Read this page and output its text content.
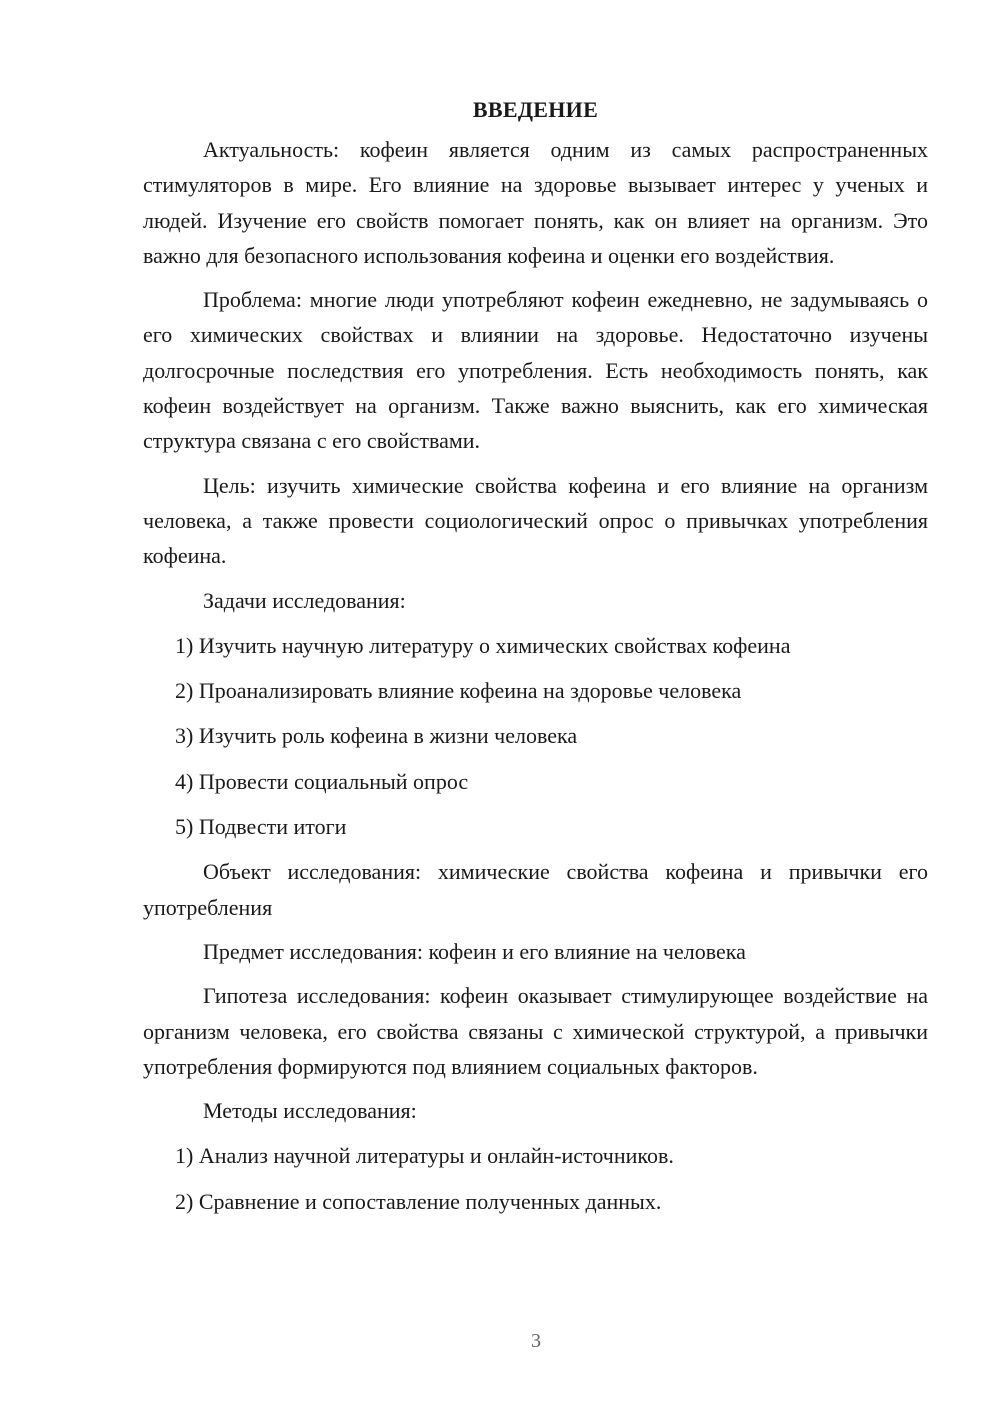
ВВЕДЕНИЕ

Актуальность: кофеин является одним из самых распространенных стимуляторов в мире. Его влияние на здоровье вызывает интерес у ученых и людей. Изучение его свойств помогает понять, как он влияет на организм. Это важно для безопасного использования кофеина и оценки его воздействия.

Проблема: многие люди употребляют кофеин ежедневно, не задумываясь о его химических свойствах и влиянии на здоровье. Недостаточно изучены долгосрочные последствия его употребления. Есть необходимость понять, как кофеин воздействует на организм. Также важно выяснить, как его химическая структура связана с его свойствами.

Цель: изучить химические свойства кофеина и его влияние на организм человека, а также провести социологический опрос о привычках употребления кофеина.

Задачи исследования:

1) Изучить научную литературу о химических свойствах кофеина
2) Проанализировать влияние кофеина на здоровье человека
3) Изучить роль кофеина в жизни человека
4) Провести социальный опрос
5) Подвести итоги

Объект исследования: химические свойства кофеина и привычки его употребления

Предмет исследования: кофеин и его влияние на человека

Гипотеза исследования: кофеин оказывает стимулирующее воздействие на организм человека, его свойства связаны с химической структурой, а привычки употребления формируются под влиянием социальных факторов.

Методы исследования:

1) Анализ научной литературы и онлайн-источников.
2) Сравнение и сопоставление полученных данных.
3
